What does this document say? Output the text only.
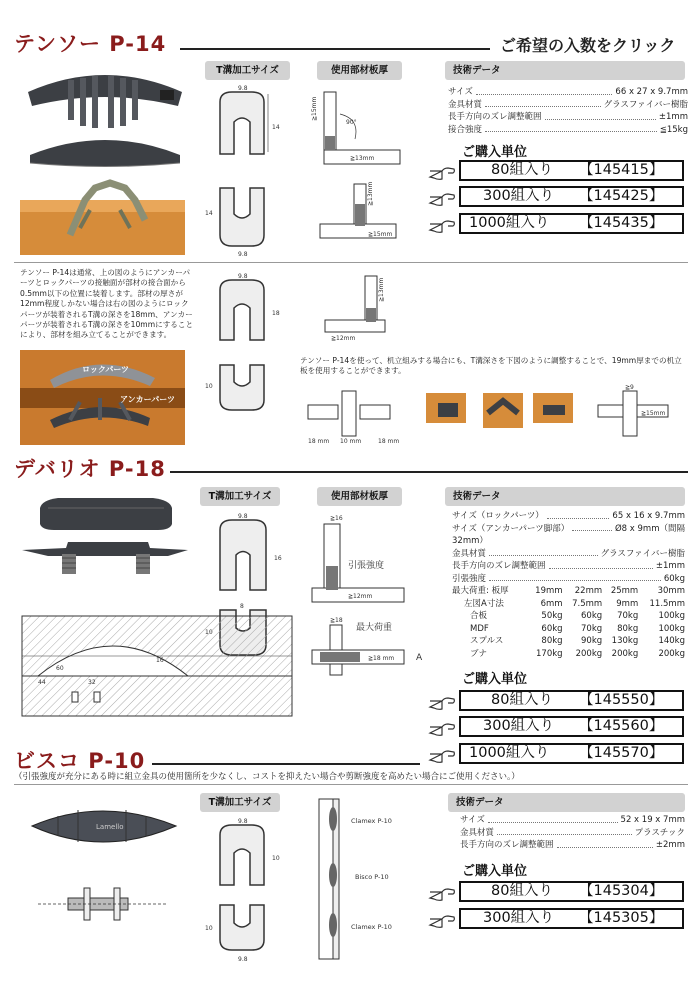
テンソー P-14	ご希望の入数をクリック
T溝加工サイズ	使用部材板厚	技術データ
9.8
14
14
9.8
≧15mm
90°
≧13mm
≧13mm
≧15mm
サイズ	66 x 27 x 9.7mm
金具材質	グラスファイバー樹脂
長手方向のズレ調整範囲	±1mm
接合強度	≦15kg
ご購入単位
80組入り 【145415】
300組入り 【145425】
1000組入り 【145435】
テンソー P-14は通常、上の図のようにアンカーパーツとロックパーツの接触面が部材の接合面から0.5mm以下の位置に装着します。部材の厚さが12mm程度しかない場合は右の図のようにロックパーツが装着されるT溝の深さを18mm、アンカーパーツが装着されるT溝の深さを10mmにすることにより、部材を組み立てることができます。
ロックパーツ
アンカーパーツ
9.8
18
10
≧13mm
≧12mm
テンソー P-14を使って、机立組みする場合にも、T溝深さを下図のように調整することで、19mm厚までの机立板を使用することができます。
18 mm 10 mm	18 mm
≧15mm
≧9
デバリオ P-18
T溝加工サイズ	使用部材板厚	技術データ
9.8
16
8
≧16
≧12mm
引張強度
≧18
≧18 mm
最大荷重
A
サイズ（ロックパーツ）	65 x 16 x 9.7mm
サイズ（アンカーパーツ脚部）	Ø8 x 9mm（間隔
32mm）
金具材質	グラスファイバー樹脂
長手方向のズレ調整範囲	±1mm
引張強度	60kg
最大荷重: 板厚	19mm	22mm	25mm	30mm
左図A寸法	6mm	7.5mm	9mm	11.5mm
合板	50kg	60kg	70kg	100kg
MDF	60kg	70kg	80kg	100kg
スプルス	80kg	90kg	130kg	140kg
ブナ	170kg	200kg	200kg	200kg
60
44	32
16
ご購入単位
80組入り 【145550】
300組入り 【145560】
1000組入り 【145570】
ビスコ P-10
（引張強度が充分にある時に組立金具の使用箇所を少なくし、コストを抑えたい場合や剪断強度を高めたい場合にご使用ください。）
T溝加工サイズ	技術データ
Lamello
9.8
10
10
9.8
Clamex P-10
Bisco P-10
Clamex P-10
サイズ	52 x 19 x 7mm
金具材質	プラスチック
長手方向のズレ調整範囲	±2mm
ご購入単位
80組入り 【145304】
300組入り 【145305】
